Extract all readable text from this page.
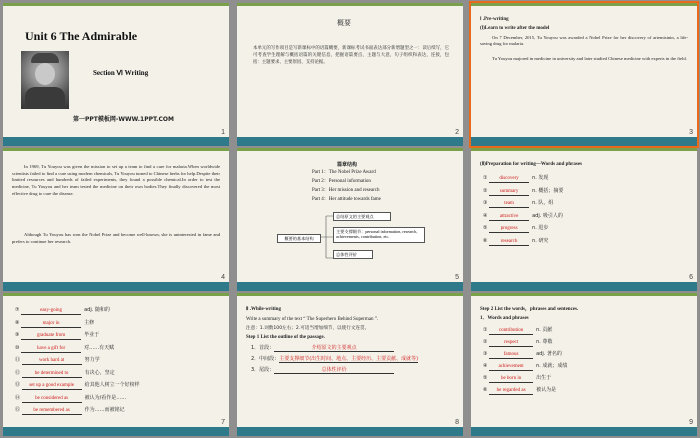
Unit 6 The Admirable
Section Ⅵ Writing
第一PPT模板网-WWW.1PPT.COM
1
概要
本单元的写作项目是写新课标中的语篇概要，新课标考试书面表达部分新增题型之一：读后续写，它可考查学生理解与概括语篇的关键信息，把握语篇要点，主题与大意，句子组织和表达，连接，包括：主题要求、主要原因、支持论据。
2
Ⅰ .Pre-writing
(Ⅰ)Learn to write after the model
On 7 December, 2015, Tu Youyou was awarded a Nobel Prize for her discovery of artemisinin, a life-saving drug for malaria.
Tu Youyou majored in medicine in university and later studied Chinese medicine with experts in the field.
3
In 1969, Tu Youyou was given the mission to set up a team to find a cure for malaria.When worldwide scientists failed to find a cure using modern chemicals, Tu Youyou turned to Chinese herbs for help.Despite their limited resources and hundreds of failed experiments, they found a possible chemical.In order to test the medicine, Tu Youyou and her team tested the medicine on their own bodies.They finally discovered the most effective drug to cure the disease.
Although Tu Youyou has won the Nobel Prize and become well-known, she is uninterested in fame and prefers to continue her research.
4
篇章结构
Part 1：The Nobel Prize Award
Part 2：Personal information
Part 3：Her mission and research
Part 4：Her attitude towards fame
概要的基本结构
总结原文的主要观点
主要支撑细节：personal information, research, achievements, contribution, etc.
总体性评价
5
(Ⅱ)Preparation for writing—Words and phrases
① discovery	n. 发现
② summary	n. 概括；摘要
③	team	n. 队，组
④ attractive	adj. 吸引人的
⑤ progress	n. 进步
⑥ research	n. 研究
6
⑦	easy-going	adj. 随和的
⑧	major in	主修
⑨	graduate from	毕业于
⑩	have a gift for	对……有天赋
⑪	work hard at	努力学
⑫	be determined to	有决心，坚定
⑬ set up a good example 给其他人树立一个好榜样
⑭	be considered as	被认为/看作是……
⑮ be remembered as	作为……而被铭记
7
Ⅱ .While-writing
Write a summary of the text “ The Superhero Behind Superman ”.
注意：1.词数100左右；2.可适当增加细节，以使行文连贯。
Step 1 List the outline of the passage.
1．首段：	介绍原文的主要观点
2．中间段：主要支撑细节(出生时间、地点、主要经历、主要贡献、成就等)
3．尾段：	总体性评价
8
Step 2 List the words，phrases and sentences.
1．Words and phrases
① contribution	n. 贡献
②	respect	n. 尊敬
③	famous	adj. 著名的
④ achievement n. 成就；成绩
⑤ be born in	出生于
⑥ be regarded as 被认为是
9
